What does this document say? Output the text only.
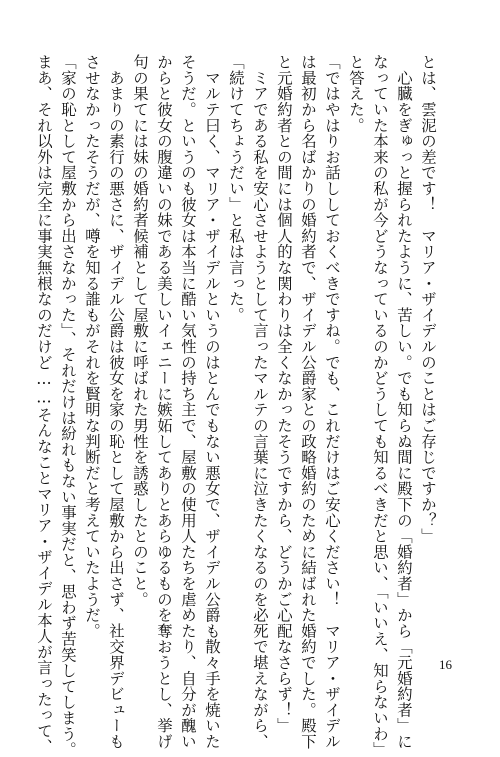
とは、雲泥の差です！　マリア・ザイデルのことはご存じですか？」

　心臓をぎゅっと握られたように、苦しい。でも知らぬ間に殿下の「婚約者」から「元婚約者」に

なっていた本来の私が今どうなっているのかどうしても知るべきだと思い、「いいえ、知らないわ」

と答えた。

「ではやはりお話ししておくべきですね。でも、これだけはご安心ください！　マリア・ザイデル

は最初から名ばかりの婚約者で、ザイデル公爵家との政略婚約のために結ばれた婚約でした。殿下

と元婚約者との間には個人的な関わりは全くなかったそうですから、どうかご心配なさらず！」

　ミアである私を安心させようとして言ったマルテの言葉に泣きたくなるのを必死で堪えながら、

「続けてちょうだい」と私は言った。

　マルテ曰く、マリア・ザイデルというのはとんでもない悪女で、ザイデル公爵も散々手を焼いた

そうだ。というのも彼女は本当に酷い気性の持ち主で、屋敷の使用人たちを虐めたり、自分が醜い

からと彼女の腹違いの妹である美しいイェニーに嫉妬してありとあらゆるものを奪おうとし、挙げ

句の果てには妹の婚約者候補として屋敷に呼ばれた男性を誘惑したとのこと。

　あまりの素行の悪さに、ザイデル公爵は彼女を家の恥として屋敷から出さず、社交界デビューも

させなかったそうだが、噂を知る誰もがそれを賢明な判断だと考えていたようだ。

「家の恥として屋敷から出さなかった」、それだけは紛れもない事実だと、思わず苦笑してしまう。

まあ、それ以外は完全に事実無根なのだけど……そんなことマリア・ザイデル本人が言ったって、	16
